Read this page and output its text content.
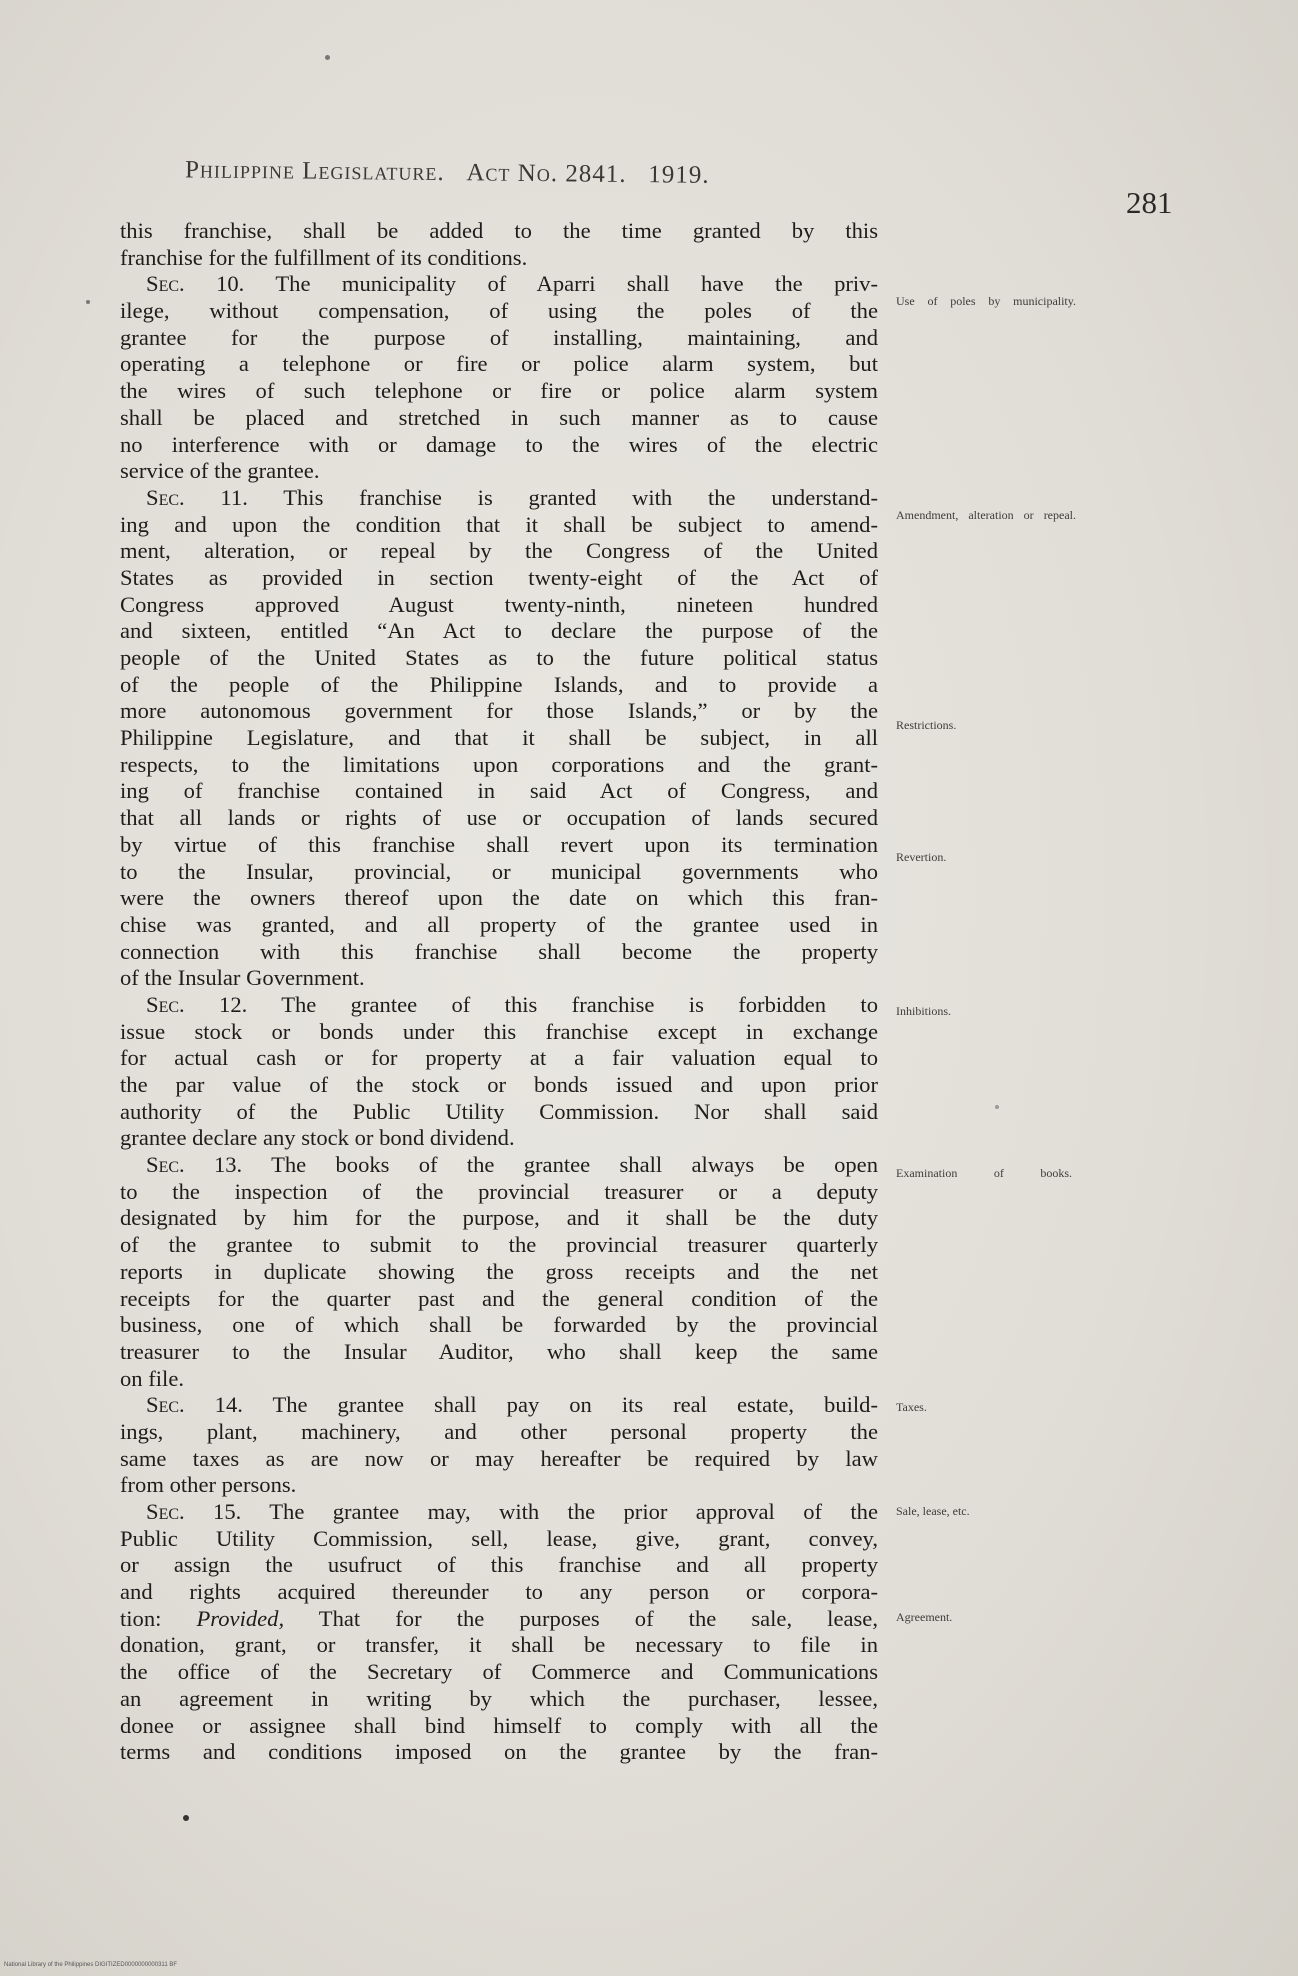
Philippine Legislature. Act No. 2841. 1919.
281
this franchise, shall be added to the time granted by this
franchise for the fulfillment of its conditions.
Sec. 10. The municipality of Aparri shall have the priv-
ilege, without compensation, of using the poles of the
grantee for the purpose of installing, maintaining, and
operating a telephone or fire or police alarm system, but
the wires of such telephone or fire or police alarm system
shall be placed and stretched in such manner as to cause
no interference with or damage to the wires of the electric
service of the grantee.
Sec. 11. This franchise is granted with the understand-
ing and upon the condition that it shall be subject to amend-
ment, alteration, or repeal by the Congress of the United
States as provided in section twenty-eight of the Act of
Congress approved August twenty-ninth, nineteen hundred
and sixteen, entitled “An Act to declare the purpose of the
people of the United States as to the future political status
of the people of the Philippine Islands, and to provide a
more autonomous government for those Islands,” or by the
Philippine Legislature, and that it shall be subject, in all
respects, to the limitations upon corporations and the grant-
ing of franchise contained in said Act of Congress, and
that all lands or rights of use or occupation of lands secured
by virtue of this franchise shall revert upon its termination
to the Insular, provincial, or municipal governments who
were the owners thereof upon the date on which this fran-
chise was granted, and all property of the grantee used in
connection with this franchise shall become the property
of the Insular Government.
Sec. 12. The grantee of this franchise is forbidden to
issue stock or bonds under this franchise except in exchange
for actual cash or for property at a fair valuation equal to
the par value of the stock or bonds issued and upon prior
authority of the Public Utility Commission. Nor shall said
grantee declare any stock or bond dividend.
Sec. 13. The books of the grantee shall always be open
to the inspection of the provincial treasurer or a deputy
designated by him for the purpose, and it shall be the duty
of the grantee to submit to the provincial treasurer quarterly
reports in duplicate showing the gross receipts and the net
receipts for the quarter past and the general condition of the
business, one of which shall be forwarded by the provincial
treasurer to the Insular Auditor, who shall keep the same
on file.
Sec. 14. The grantee shall pay on its real estate, build-
ings, plant, machinery, and other personal property the
same taxes as are now or may hereafter be required by law
from other persons.
Sec. 15. The grantee may, with the prior approval of the
Public Utility Commission, sell, lease, give, grant, convey,
or assign the usufruct of this franchise and all property
and rights acquired thereunder to any person or corpora-
tion: Provided, That for the purposes of the sale, lease,
donation, grant, or transfer, it shall be necessary to file in
the office of the Secretary of Commerce and Communications
an agreement in writing by which the purchaser, lessee,
donee or assignee shall bind himself to comply with all the
terms and conditions imposed on the grantee by the fran-
Use of poles by municipality.
Amendment, alteration or repeal.
Restrictions.
Revertion.
Inhibitions.
Examination of books.
Taxes.
Sale, lease, etc.
Agreement.
National Library of the Philippines DIGITIZED0000000000311 BF
